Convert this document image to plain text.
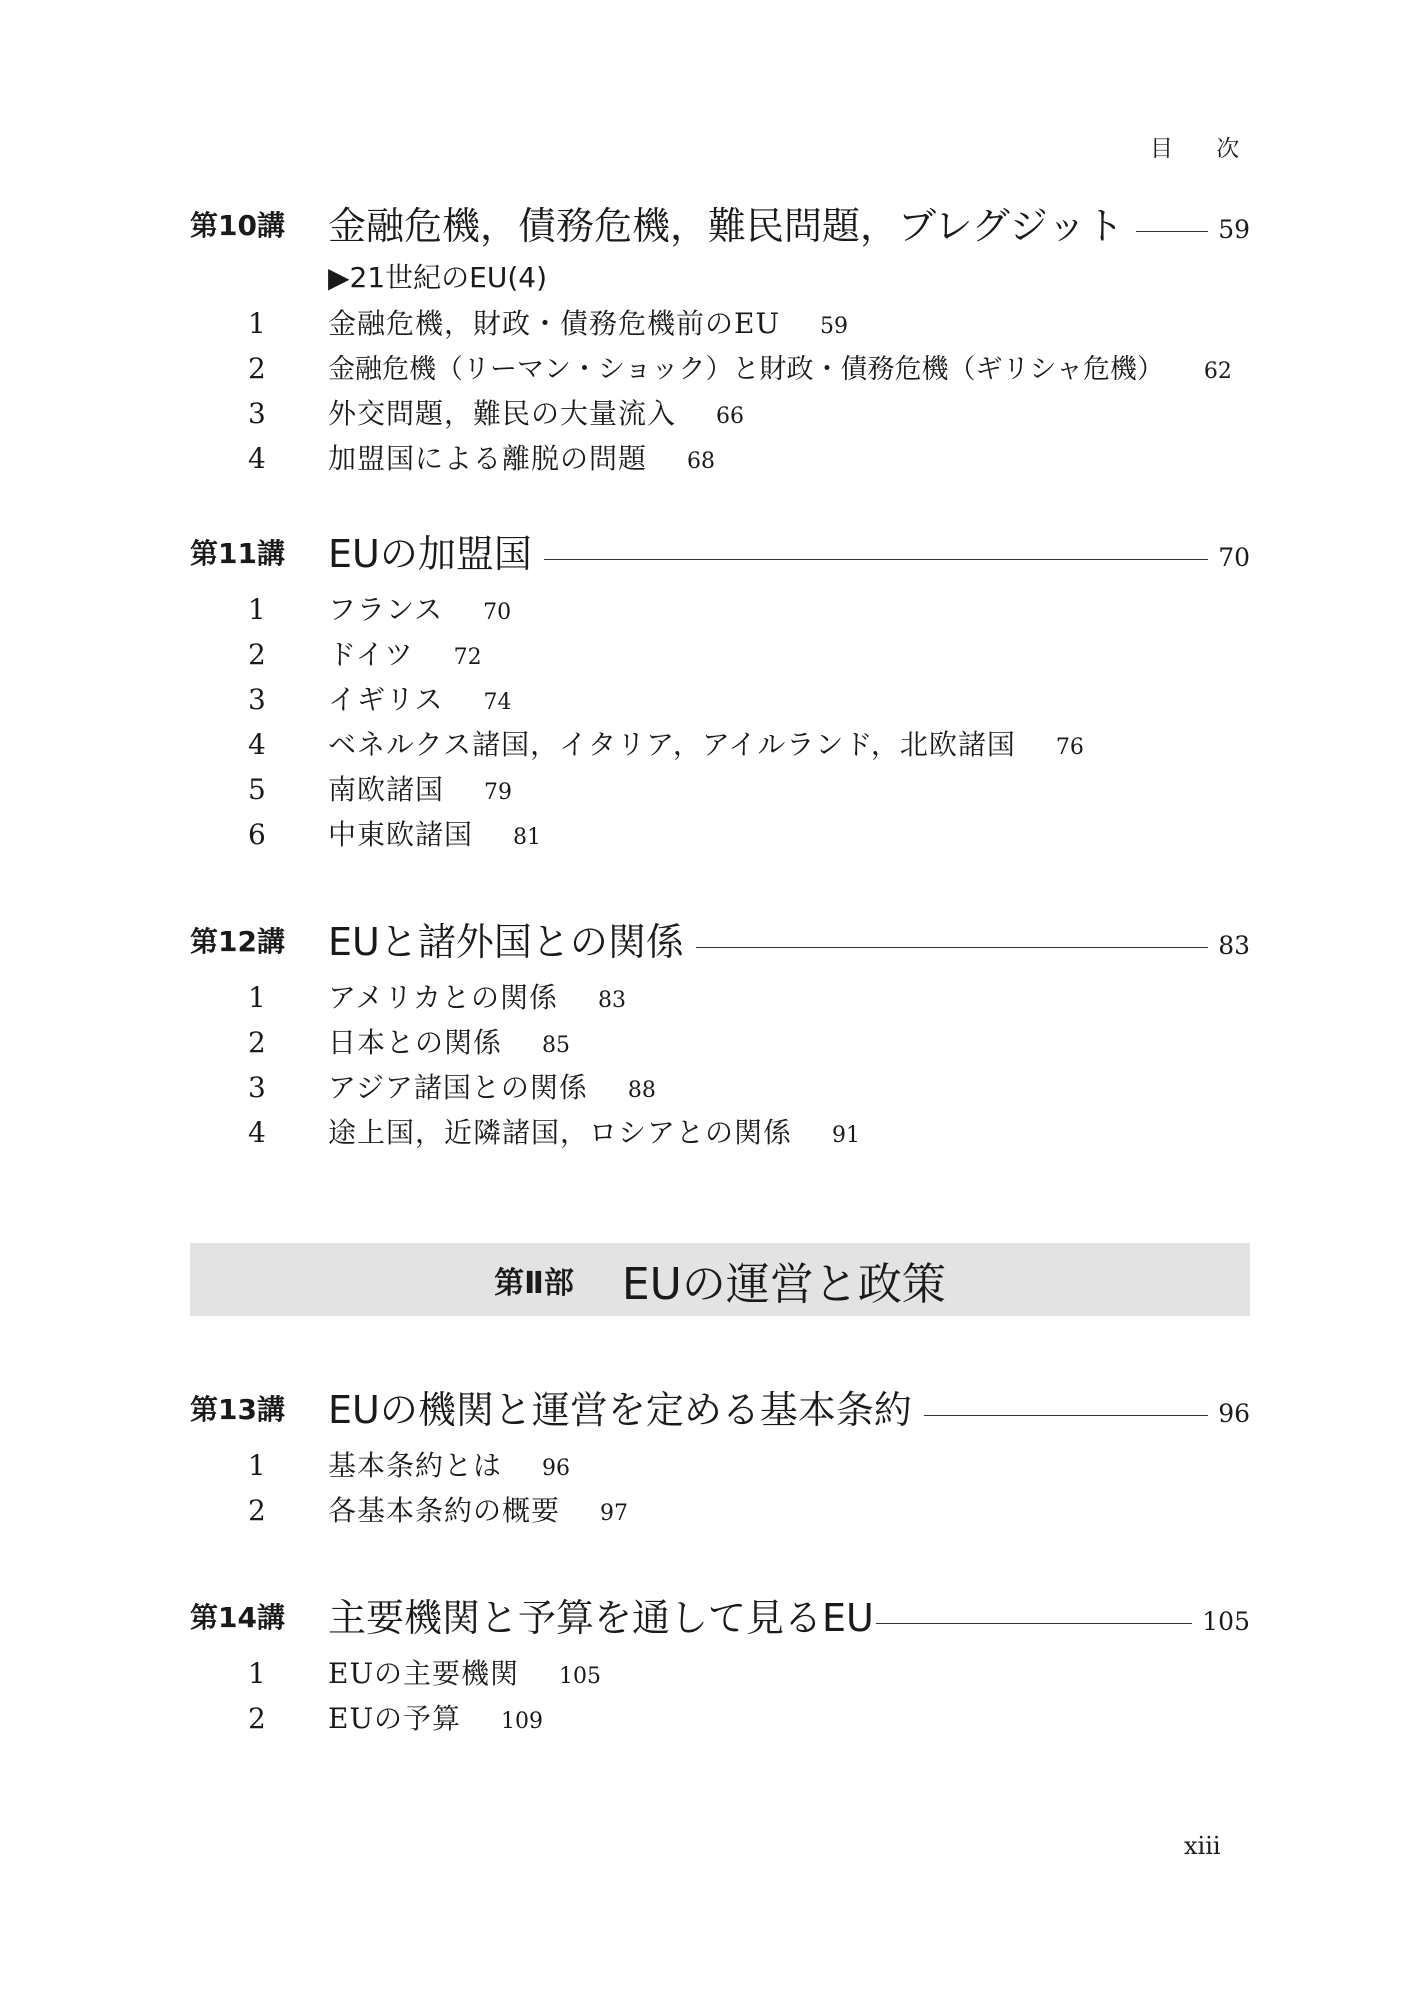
目 次
第10講	金融危機，債務危機，難民問題，ブレグジット	59
▶21世紀のEU(4)
1	金融危機，財政・債務危機前のEU 59
2	金融危機（リーマン・ショック）と財政・債務危機（ギリシャ危機） 62
3	外交問題，難民の大量流入 66
4	加盟国による離脱の問題 68
第11講	EUの加盟国	70
1	フランス 70
2	ドイツ 72
3	イギリス 74
4	ベネルクス諸国，イタリア，アイルランド，北欧諸国 76
5	南欧諸国 79
6	中東欧諸国 81
第12講	EUと諸外国との関係	83
1	アメリカとの関係 83
2	日本との関係 85
3	アジア諸国との関係 88
4	途上国，近隣諸国，ロシアとの関係 91
第Ⅱ部 EUの運営と政策
第13講	EUの機関と運営を定める基本条約	96
1	基本条約とは 96
2	各基本条約の概要 97
第14講	主要機関と予算を通して見るEU	105
1	EUの主要機関 105
2	EUの予算 109
xiii
